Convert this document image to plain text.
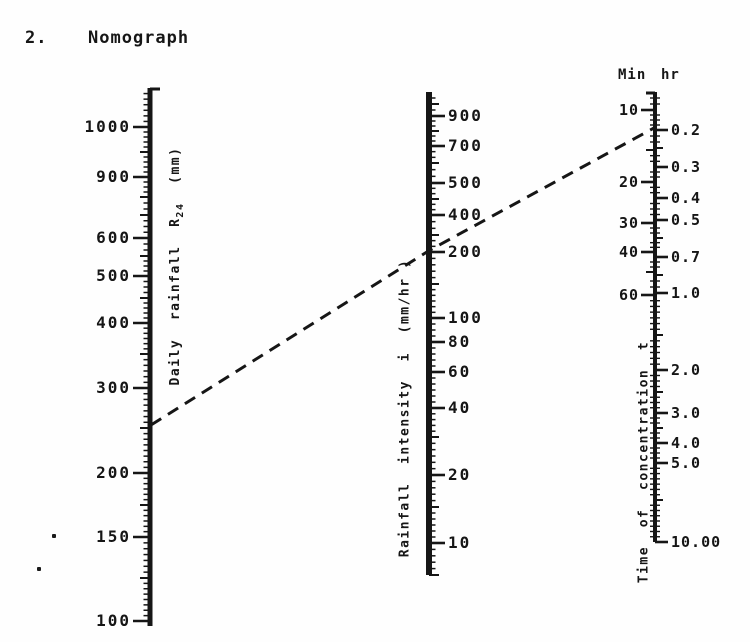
2. Nomograph
Daily  rainfall  $R_{24}$  (mm)
Rainfall  intensity  i  (mm/hr )	Time  of  concentration  t
Min hr
1000
900
600
500
400
300
200
150
100
900
700
500
400
200
100
80
60
40
20
10
10
20
30
40
60
0.2
0.3
0.4
0.5
0.7
1.0
2.0
3.0
4.0
5.0
10.00
